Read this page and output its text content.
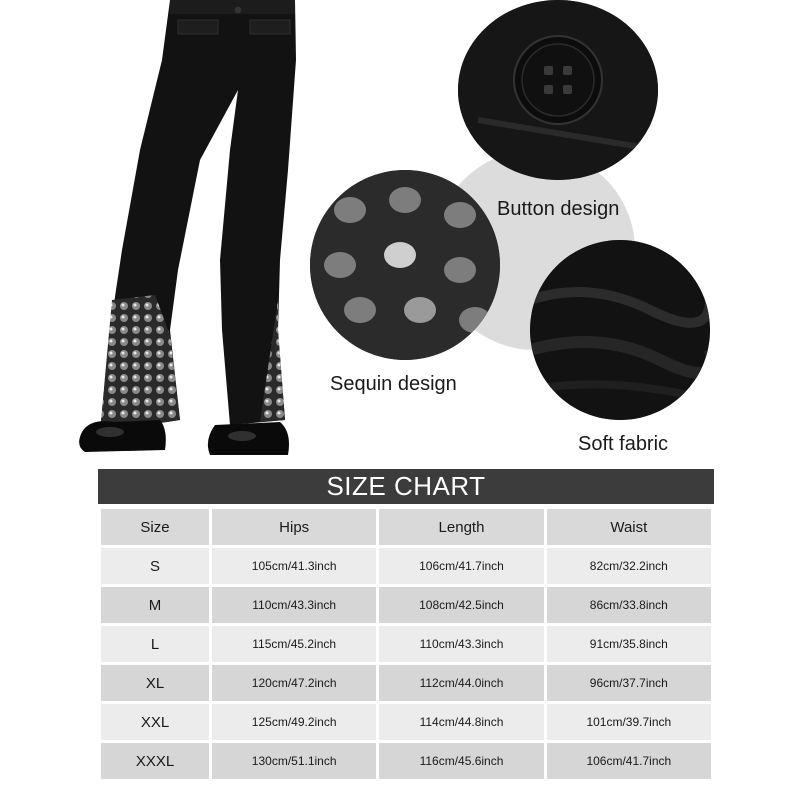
Button design
Sequin design
Soft fabric
SIZE CHART
Size	Hips	Length	Waist
S	105cm/41.3inch	106cm/41.7inch	82cm/32.2inch
M	110cm/43.3inch	108cm/42.5inch	86cm/33.8inch
L	115cm/45.2inch	110cm/43.3inch	91cm/35.8inch
XL	120cm/47.2inch	112cm/44.0inch	96cm/37.7inch
XXL	125cm/49.2inch	114cm/44.8inch	101cm/39.7inch
XXXL	130cm/51.1inch	116cm/45.6inch	106cm/41.7inch
